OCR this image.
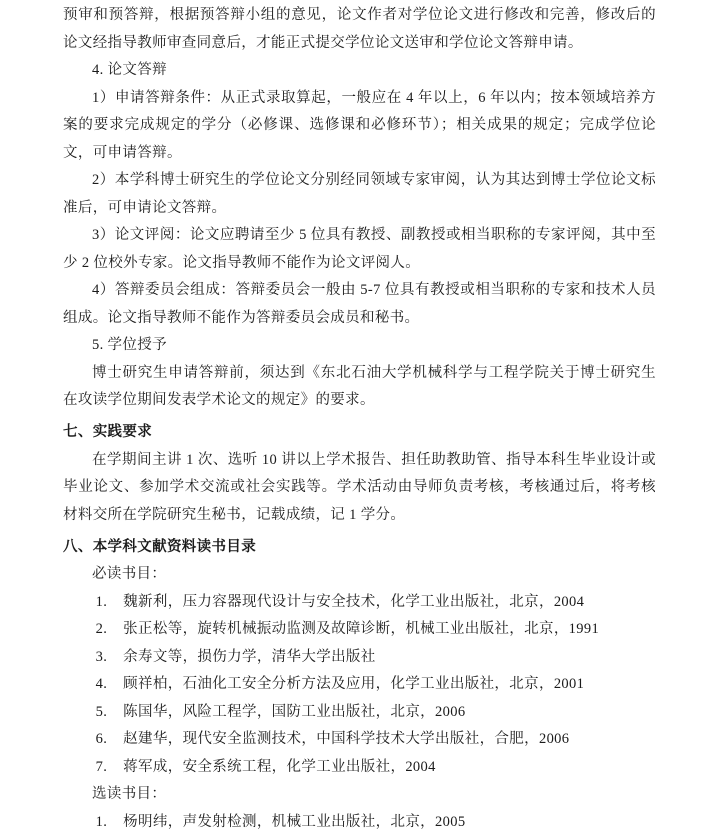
预审和预答辩，根据预答辩小组的意见，论文作者对学位论文进行修改和完善，修改后的论文经指导教师审查同意后，才能正式提交学位论文送审和学位论文答辩申请。
4. 论文答辩
1）申请答辩条件：从正式录取算起，一般应在 4 年以上，6 年以内；按本领域培养方案的要求完成规定的学分（必修课、选修课和必修环节）；相关成果的规定；完成学位论文，可申请答辩。
2）本学科博士研究生的学位论文分别经同领域专家审阅，认为其达到博士学位论文标准后，可申请论文答辩。
3）论文评阅：论文应聘请至少 5 位具有教授、副教授或相当职称的专家评阅，其中至少 2 位校外专家。论文指导教师不能作为论文评阅人。
4）答辩委员会组成：答辩委员会一般由 5-7 位具有教授或相当职称的专家和技术人员组成。论文指导教师不能作为答辩委员会成员和秘书。
5. 学位授予
博士研究生申请答辩前，须达到《东北石油大学机械科学与工程学院关于博士研究生在攻读学位期间发表学术论文的规定》的要求。
七、实践要求
在学期间主讲 1 次、选听 10 讲以上学术报告、担任助教助管、指导本科生毕业设计或毕业论文、参加学术交流或社会实践等。学术活动由导师负责考核，考核通过后，将考核材料交所在学院研究生秘书，记载成绩，记 1 学分。
八、本学科文献资料读书目录
必读书目：
1.	魏新利，压力容器现代设计与安全技术，化学工业出版社，北京，2004
2.	张正松等，旋转机械振动监测及故障诊断，机械工业出版社，北京，1991
3.	余寿文等，损伤力学，清华大学出版社
4.	顾祥柏，石油化工安全分析方法及应用，化学工业出版社，北京，2001
5.	陈国华，风险工程学，国防工业出版社，北京，2006
6.	赵建华，现代安全监测技术，中国科学技术大学出版社，合肥，2006
7.	蒋军成，安全系统工程，化学工业出版社，2004
选读书目：
1.	杨明纬，声发射检测，机械工业出版社，北京，2005
